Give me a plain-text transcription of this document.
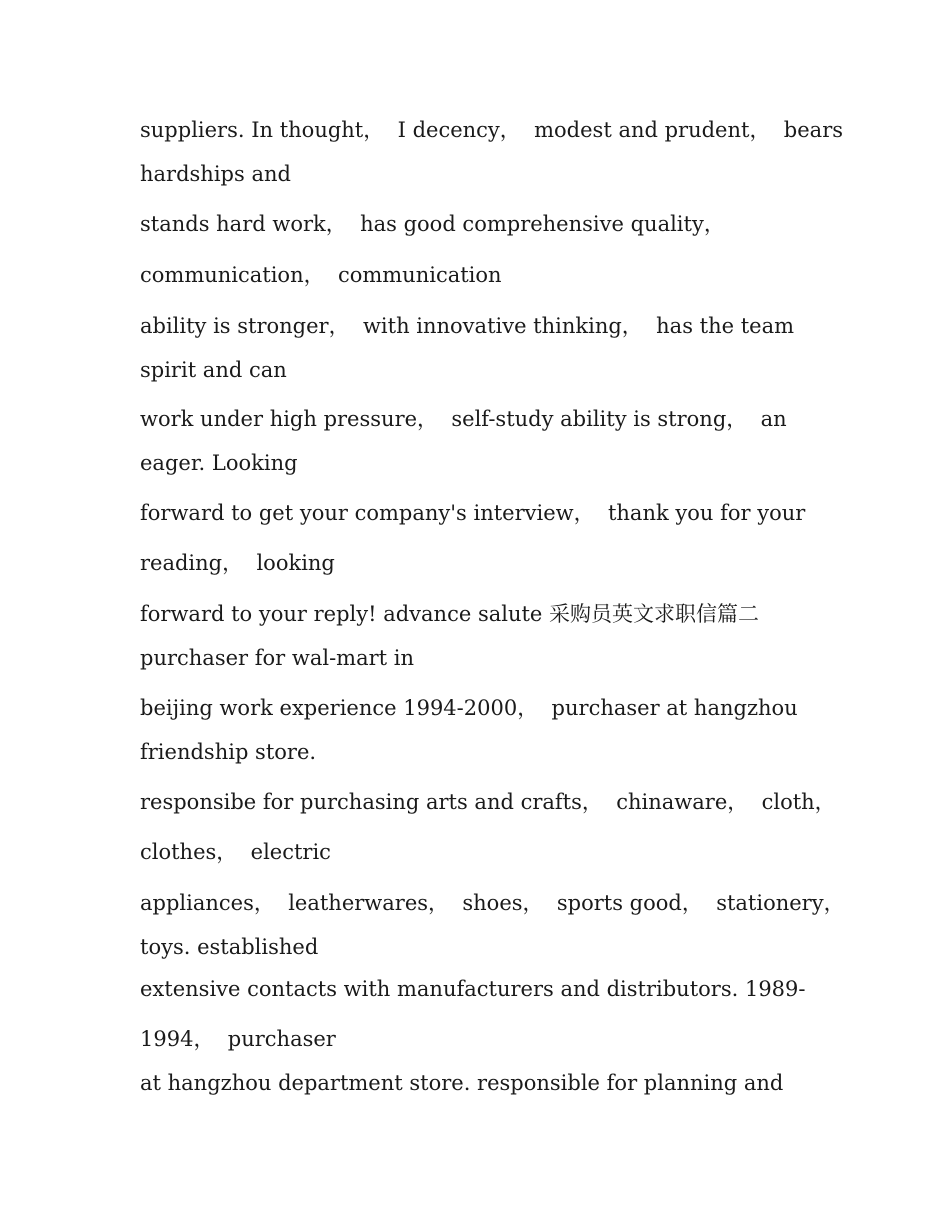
suppliers. In thought，  I decency，  modest and prudent，  bears

hardships and

stands hard work，  has good comprehensive quality，

communication，  communication

ability is stronger，  with innovative thinking，  has the team

spirit and can

work under high pressure，  self-study ability is strong，  an

eager. Looking

forward to get your company's interview，  thank you for your

reading，  looking

forward to your reply! advance salute 采购员英文求职信篇二

purchaser for wal-mart in

beijing work experience 1994-2000，  purchaser at hangzhou

friendship store.

responsibe for purchasing arts and crafts，  chinaware，  cloth，

clothes，  electric

appliances，  leatherwares，  shoes，  sports good，  stationery，

toys. established

extensive contacts with manufacturers and distributors. 1989-

1994，  purchaser

at hangzhou department store. responsible for planning and
